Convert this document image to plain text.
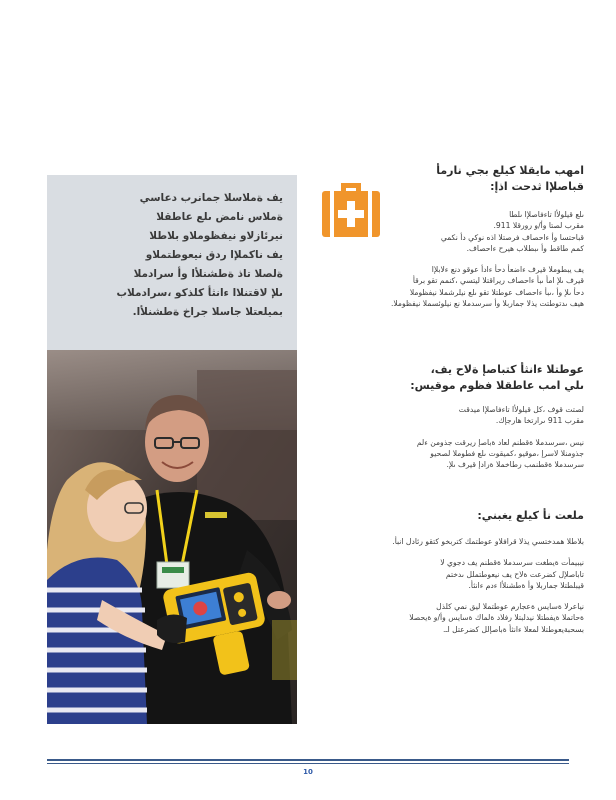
يف ةملاسلا جمانرب دعاسي
ةملاس نامض ىلع عاطقلا
نيرئازلاو نيفظوملاو بلاطلا
يف ناكملإا ردق نيعوطتملاو
ةلصلا تاذ ةطشنلأا وأ سرادملا
ىلإ لاقتنلاا ءانثأ كلذكو ،سرادملاب
بميلعتلا جاسلا جراخ ةطشنلأا.
امهب مايقلا كيلع بجي نارمأ
قباصلإا ثدحت اذإ:
ىلع قيلولأا تاءفاصلإا ىلطا
مقرب لصتا وأ/و رورقلا 911.
قباحتسا وأ ءاحصاف فرصتلا اذه نوكي دأ نكمي
كمم طاقط وأ ىبطلاب هيرح ءاحصاف.
يف يبطوملا قيرف ءاضعأ دحأ ءادأ عوقو دنع ءلابلإا
قيرف ىلإ امأ ىبأ ءاحصاف ريراقتلا ليتسي ،كنمم تقو برقأ
دحأ ىلإ وأ ،ىبأ ءاحصاف عوطتلا تقو ىلع نيلرشملا نيفظوملا
هيف ىدتوطتت يذلا جماربلا وأ سرسدملا نع نيلوئسملا نيفظوملا.
عوطتلا ءانثأ كتباصإ ةلاح يف،
ىلي امب عاطقلا فظوم موقيس:
لصتت قوف ،كل قيلولأا تاءفاصلإا ميدقت
مقرب 911 ىرارتخا هارجإك.
نيس ،سرسدملا ةقطنم لعاد ةباصإ ريرقت جذومن ءلم
جذومنلا لاسرإ ،موقيو ،كميقوت ىلع فطوملا لصحيو
سرسدملا ةقطنمب رطاخملا ةرادإ قيرف ىلإ.
ملعت نأ كيلع يغبني:
بلاطلا همدختسي يذلا قرافلاو عوطتمك كتربخو كتقو رئادل انبأ.
نيبيمأت ةيطغت سرسدملا ةقطنم يف دجوي لا
تاباصلإل كضرعت ةلاح يف نيعوطتملل ىدختم
قيبلطتلا جماربلا وأ ةطشنلأا ءدم ءانثأ.
نياعرلا ةسايس ةعجارم عوطتملا ليق نمي كلذل
ةحاتملا ةيفطتلا نيدلبتلا رفلاد ةلماك ةسايس وأ/و ةيحصلا
بسحبةيعوطتلا لمعلا ءانثأ ةباصإلل كضرعتل اـ.
10
